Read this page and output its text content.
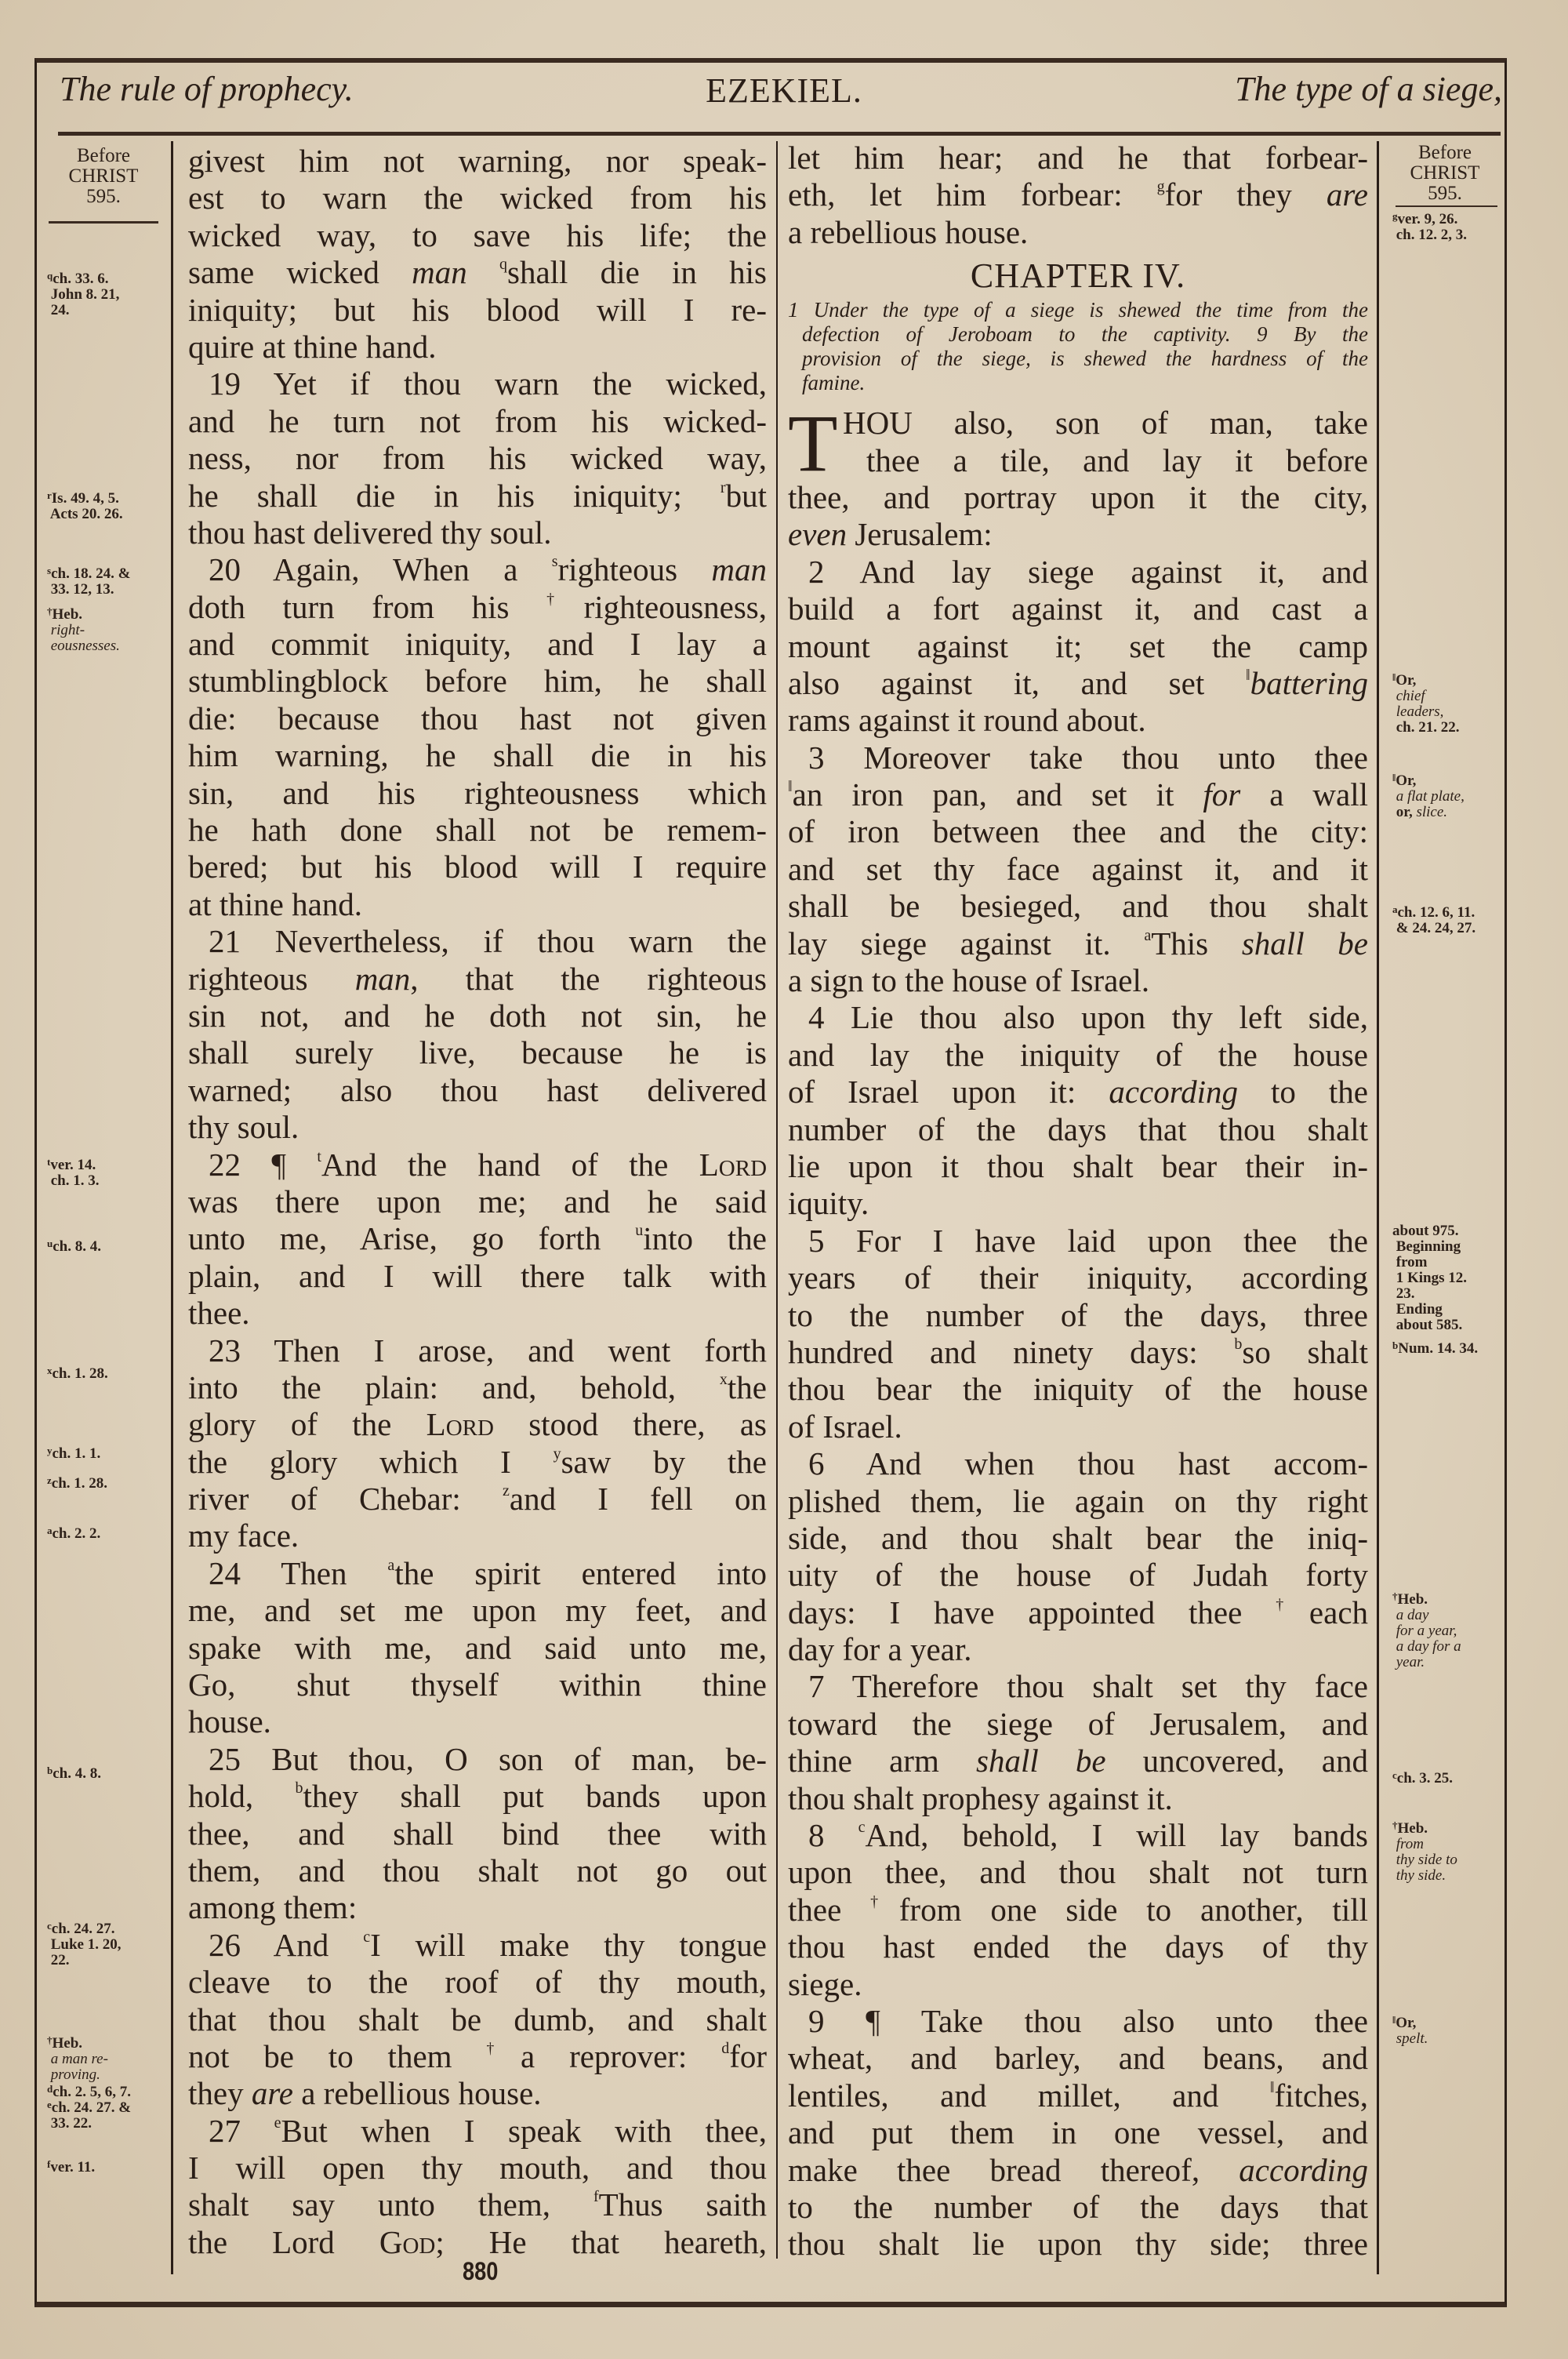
The rule of prophecy.	EZEKIEL.	The type of a siege,
Before
CHRIST
595.
$^q$ch. 33. 6.
John 8. 21,
24.
$^r$Is. 49. 4, 5.
Acts 20. 26.
$^s$ch. 18. 24. &
33. 12, 13.
†Heb.
right-
eousnesses.
$^t$ver. 14.
ch. 1. 3.
$^u$ch. 8. 4.
$^x$ch. 1. 28.
$^y$ch. 1. 1.
$^z$ch. 1. 28.
$^a$ch. 2. 2.
$^b$ch. 4. 8.
$^c$ch. 24. 27.
Luke 1. 20,
22.
†Heb.
a man re-
proving.
$^d$ch. 2. 5, 6, 7.
$^e$ch. 24. 27. &
33. 22.
$^f$ver. 11.
Before
CHRIST
595.
$^g$ver. 9, 26.
ch. 12. 2, 3.
‖Or,
chief
leaders,
ch. 21. 22.
‖Or,
a flat plate,
or, slice.
$^a$ch. 12. 6, 11.
& 24. 24, 27.
about 975.
Beginning
from
1 Kings 12.
23.
Ending
about 585.
$^b$Num. 14. 34.
†Heb.
a day
for a year,
a day for a
year.
$^c$ch. 3. 25.
†Heb.
from
thy side to
thy side.
‖Or,
spelt.
givest him not warning, nor speak-
est to warn the wicked from his
wicked way, to save his life; the
same wicked man $^q$shall die in his
iniquity; but his blood will I re-
quire at thine hand.
19 Yet if thou warn the wicked,
and he turn not from his wicked-
ness, nor from his wicked way,
he shall die in his iniquity; $^r$but
thou hast delivered thy soul.
20 Again, When a $^s$righteous man
doth turn from his †righteousness,
and commit iniquity, and I lay a
stumblingblock before him, he shall
die: because thou hast not given
him warning, he shall die in his
sin, and his righteousness which
he hath done shall not be remem-
bered; but his blood will I require
at thine hand.
21 Nevertheless, if thou warn the
righteous man, that the righteous
sin not, and he doth not sin, he
shall surely live, because he is
warned; also thou hast delivered
thy soul.
22 ¶ $^t$And the hand of the Lord
was there upon me; and he said
unto me, Arise, go forth $^u$into the
plain, and I will there talk with
thee.
23 Then I arose, and went forth
into the plain: and, behold, $^x$the
glory of the Lord stood there, as
the glory which I $^y$saw by the
river of Chebar: $^z$and I fell on
my face.
24 Then $^a$the spirit entered into
me, and set me upon my feet, and
spake with me, and said unto me,
Go, shut thyself within thine
house.
25 But thou, O son of man, be-
hold, $^b$they shall put bands upon
thee, and shall bind thee with
them, and thou shalt not go out
among them:
26 And $^c$I will make thy tongue
cleave to the roof of thy mouth,
that thou shalt be dumb, and shalt
not be to them †a reprover: $^d$for
they are a rebellious house.
27 $^e$But when I speak with thee,
I will open thy mouth, and thou
shalt say unto them, $^f$Thus saith
the Lord God; He that heareth,
let him hear; and he that forbear-
eth, let him forbear: $^g$for they are
a rebellious house.
CHAPTER IV.
1 Under the type of a siege is shewed the time from the
defection of Jeroboam to the captivity. 9 By the
provision of the siege, is shewed the hardness of the
famine.
T HOU also, son of man, take
thee a tile, and lay it before
thee, and portray upon it the city,
even Jerusalem:
2 And lay siege against it, and
build a fort against it, and cast a
mount against it; set the camp
also against it, and set ‖battering
rams against it round about.
3 Moreover take thou unto thee
‖an iron pan, and set it for a wall
of iron between thee and the city:
and set thy face against it, and it
shall be besieged, and thou shalt
lay siege against it. $^a$This shall be
a sign to the house of Israel.
4 Lie thou also upon thy left side,
and lay the iniquity of the house
of Israel upon it: according to the
number of the days that thou shalt
lie upon it thou shalt bear their in-
iquity.
5 For I have laid upon thee the
years of their iniquity, according
to the number of the days, three
hundred and ninety days: $^b$so shalt
thou bear the iniquity of the house
of Israel.
6 And when thou hast accom-
plished them, lie again on thy right
side, and thou shalt bear the iniq-
uity of the house of Judah forty
days: I have appointed thee †each
day for a year.
7 Therefore thou shalt set thy face
toward the siege of Jerusalem, and
thine arm shall be uncovered, and
thou shalt prophesy against it.
8 $^c$And, behold, I will lay bands
upon thee, and thou shalt not turn
thee †from one side to another, till
thou hast ended the days of thy
siege.
9 ¶ Take thou also unto thee
wheat, and barley, and beans, and
lentiles, and millet, and ‖fitches,
and put them in one vessel, and
make thee bread thereof, according
to the number of the days that
thou shalt lie upon thy side; three
880
